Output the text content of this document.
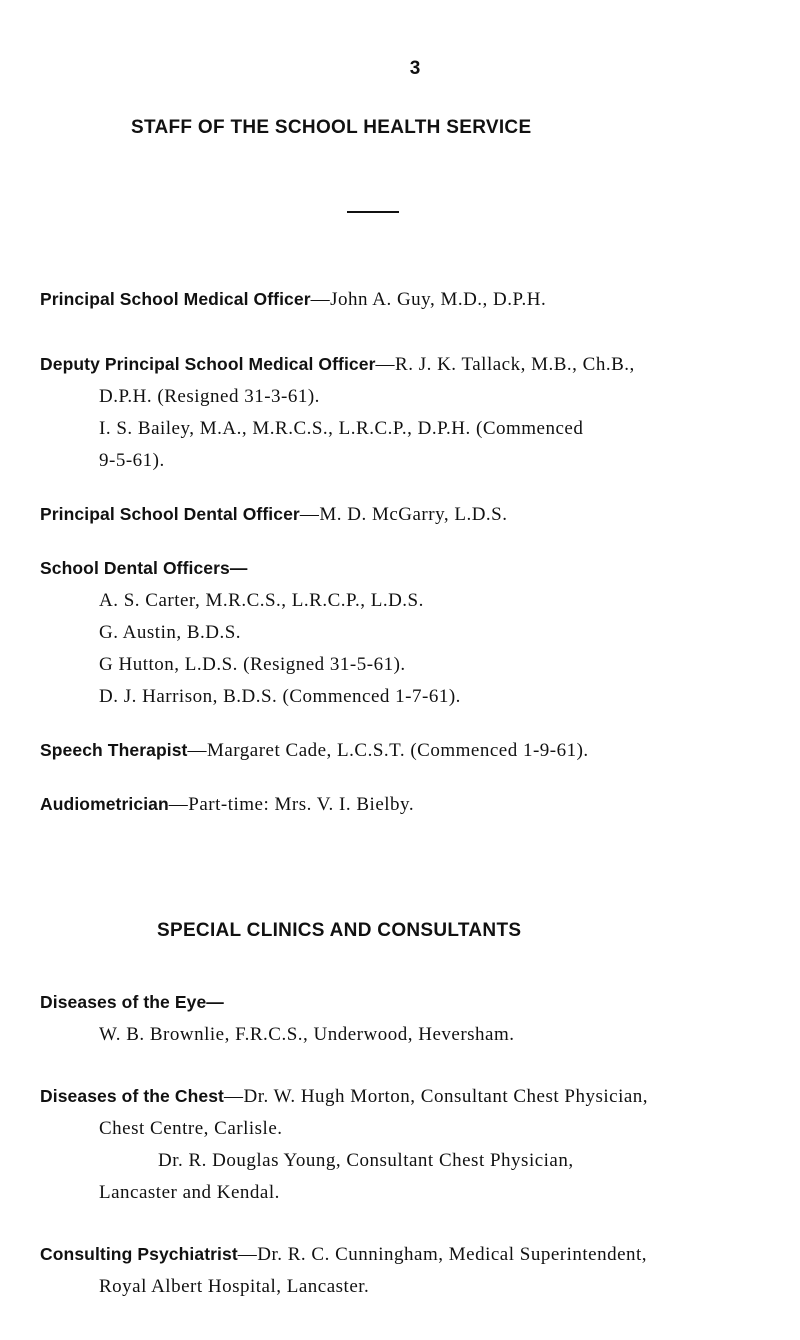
3
STAFF OF THE SCHOOL HEALTH SERVICE
Principal School Medical Officer—John A. Guy, M.D., D.P.H.
Deputy Principal School Medical Officer—R. J. K. Tallack, M.B., Ch.B.,
D.P.H. (Resigned 31-3-61).
I. S. Bailey, M.A., M.R.C.S., L.R.C.P., D.P.H. (Commenced
9-5-61).
Principal School Dental Officer—M. D. McGarry, L.D.S.
School Dental Officers—
A. S. Carter, M.R.C.S., L.R.C.P., L.D.S.
G. Austin, B.D.S.
G Hutton, L.D.S. (Resigned 31-5-61).
D. J. Harrison, B.D.S. (Commenced 1-7-61).
Speech Therapist—Margaret Cade, L.C.S.T. (Commenced 1-9-61).
Audiometrician—Part-time: Mrs. V. I. Bielby.
SPECIAL CLINICS AND CONSULTANTS
Diseases of the Eye—
W. B. Brownlie, F.R.C.S., Underwood, Heversham.
Diseases of the Chest—Dr. W. Hugh Morton, Consultant Chest Physician,
Chest Centre, Carlisle.
Dr. R. Douglas Young, Consultant Chest Physician,
Lancaster and Kendal.
Consulting Psychiatrist—Dr. R. C. Cunningham, Medical Superintendent,
Royal Albert Hospital, Lancaster.
